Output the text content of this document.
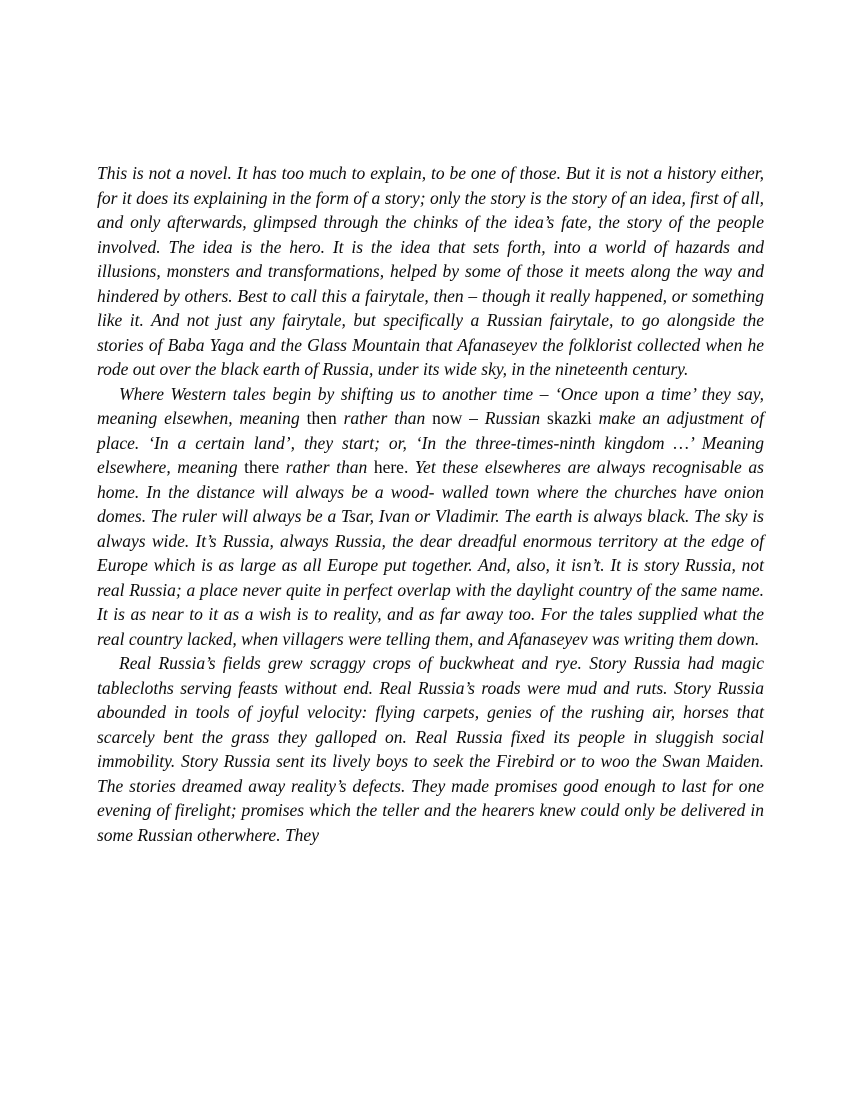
This is not a novel. It has too much to explain, to be one of those. But it is not a history either, for it does its explaining in the form of a story; only the story is the story of an idea, first of all, and only afterwards, glimpsed through the chinks of the idea’s fate, the story of the people involved. The idea is the hero. It is the idea that sets forth, into a world of hazards and illusions, monsters and transformations, helped by some of those it meets along the way and hindered by others. Best to call this a fairytale, then – though it really happened, or something like it. And not just any fairytale, but specifically a Russian fairytale, to go alongside the stories of Baba Yaga and the Glass Mountain that Afanaseyev the folklorist collected when he rode out over the black earth of Russia, under its wide sky, in the nineteenth century.

Where Western tales begin by shifting us to another time – ‘Once upon a time’ they say, meaning elsewhen, meaning then rather than now – Russian skazki make an adjustment of place. ‘In a certain land’, they start; or, ‘In the three-times-ninth kingdom …’ Meaning elsewhere, meaning there rather than here. Yet these elsewheres are always recognisable as home. In the distance will always be a wood- walled town where the churches have onion domes. The ruler will always be a Tsar, Ivan or Vladimir. The earth is always black. The sky is always wide. It’s Russia, always Russia, the dear dreadful enormous territory at the edge of Europe which is as large as all Europe put together. And, also, it isn’t. It is story Russia, not real Russia; a place never quite in perfect overlap with the daylight country of the same name. It is as near to it as a wish is to reality, and as far away too. For the tales supplied what the real country lacked, when villagers were telling them, and Afanaseyev was writing them down.

Real Russia’s fields grew scraggy crops of buckwheat and rye. Story Russia had magic tablecloths serving feasts without end. Real Russia’s roads were mud and ruts. Story Russia abounded in tools of joyful velocity: flying carpets, genies of the rushing air, horses that scarcely bent the grass they galloped on. Real Russia fixed its people in sluggish social immobility. Story Russia sent its lively boys to seek the Firebird or to woo the Swan Maiden. The stories dreamed away reality’s defects. They made promises good enough to last for one evening of firelight; promises which the teller and the hearers knew could only be delivered in some Russian otherwhere. They
